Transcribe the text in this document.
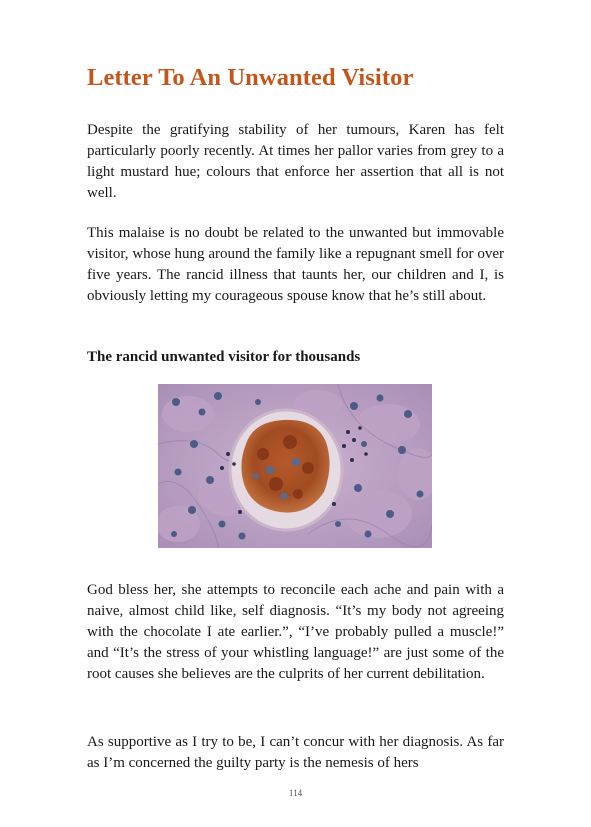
Letter To An Unwanted Visitor

Despite the gratifying stability of her tumours, Karen has felt particularly poorly recently. At times her pallor varies from grey to a light mustard hue; colours that enforce her assertion that all is not well.

This malaise is no doubt be related to the unwanted but immovable visitor, whose hung around the family like a repugnant smell for over five years. The rancid illness that taunts her, our children and I, is obviously letting my courageous spouse know that he’s still about.

The rancid unwanted visitor for thousands

God bless her, she attempts to reconcile each ache and pain with a naive, almost child like, self diagnosis. “It’s my body not agreeing with the chocolate I ate earlier.”, “I’ve probably pulled a muscle!” and “It’s the stress of your whistling language!” are just some of the root causes she believes are the culprits of her current debilitation.

As supportive as I try to be, I can’t concur with her diagnosis. As far as I’m concerned the guilty party is the nemesis of hers

114
